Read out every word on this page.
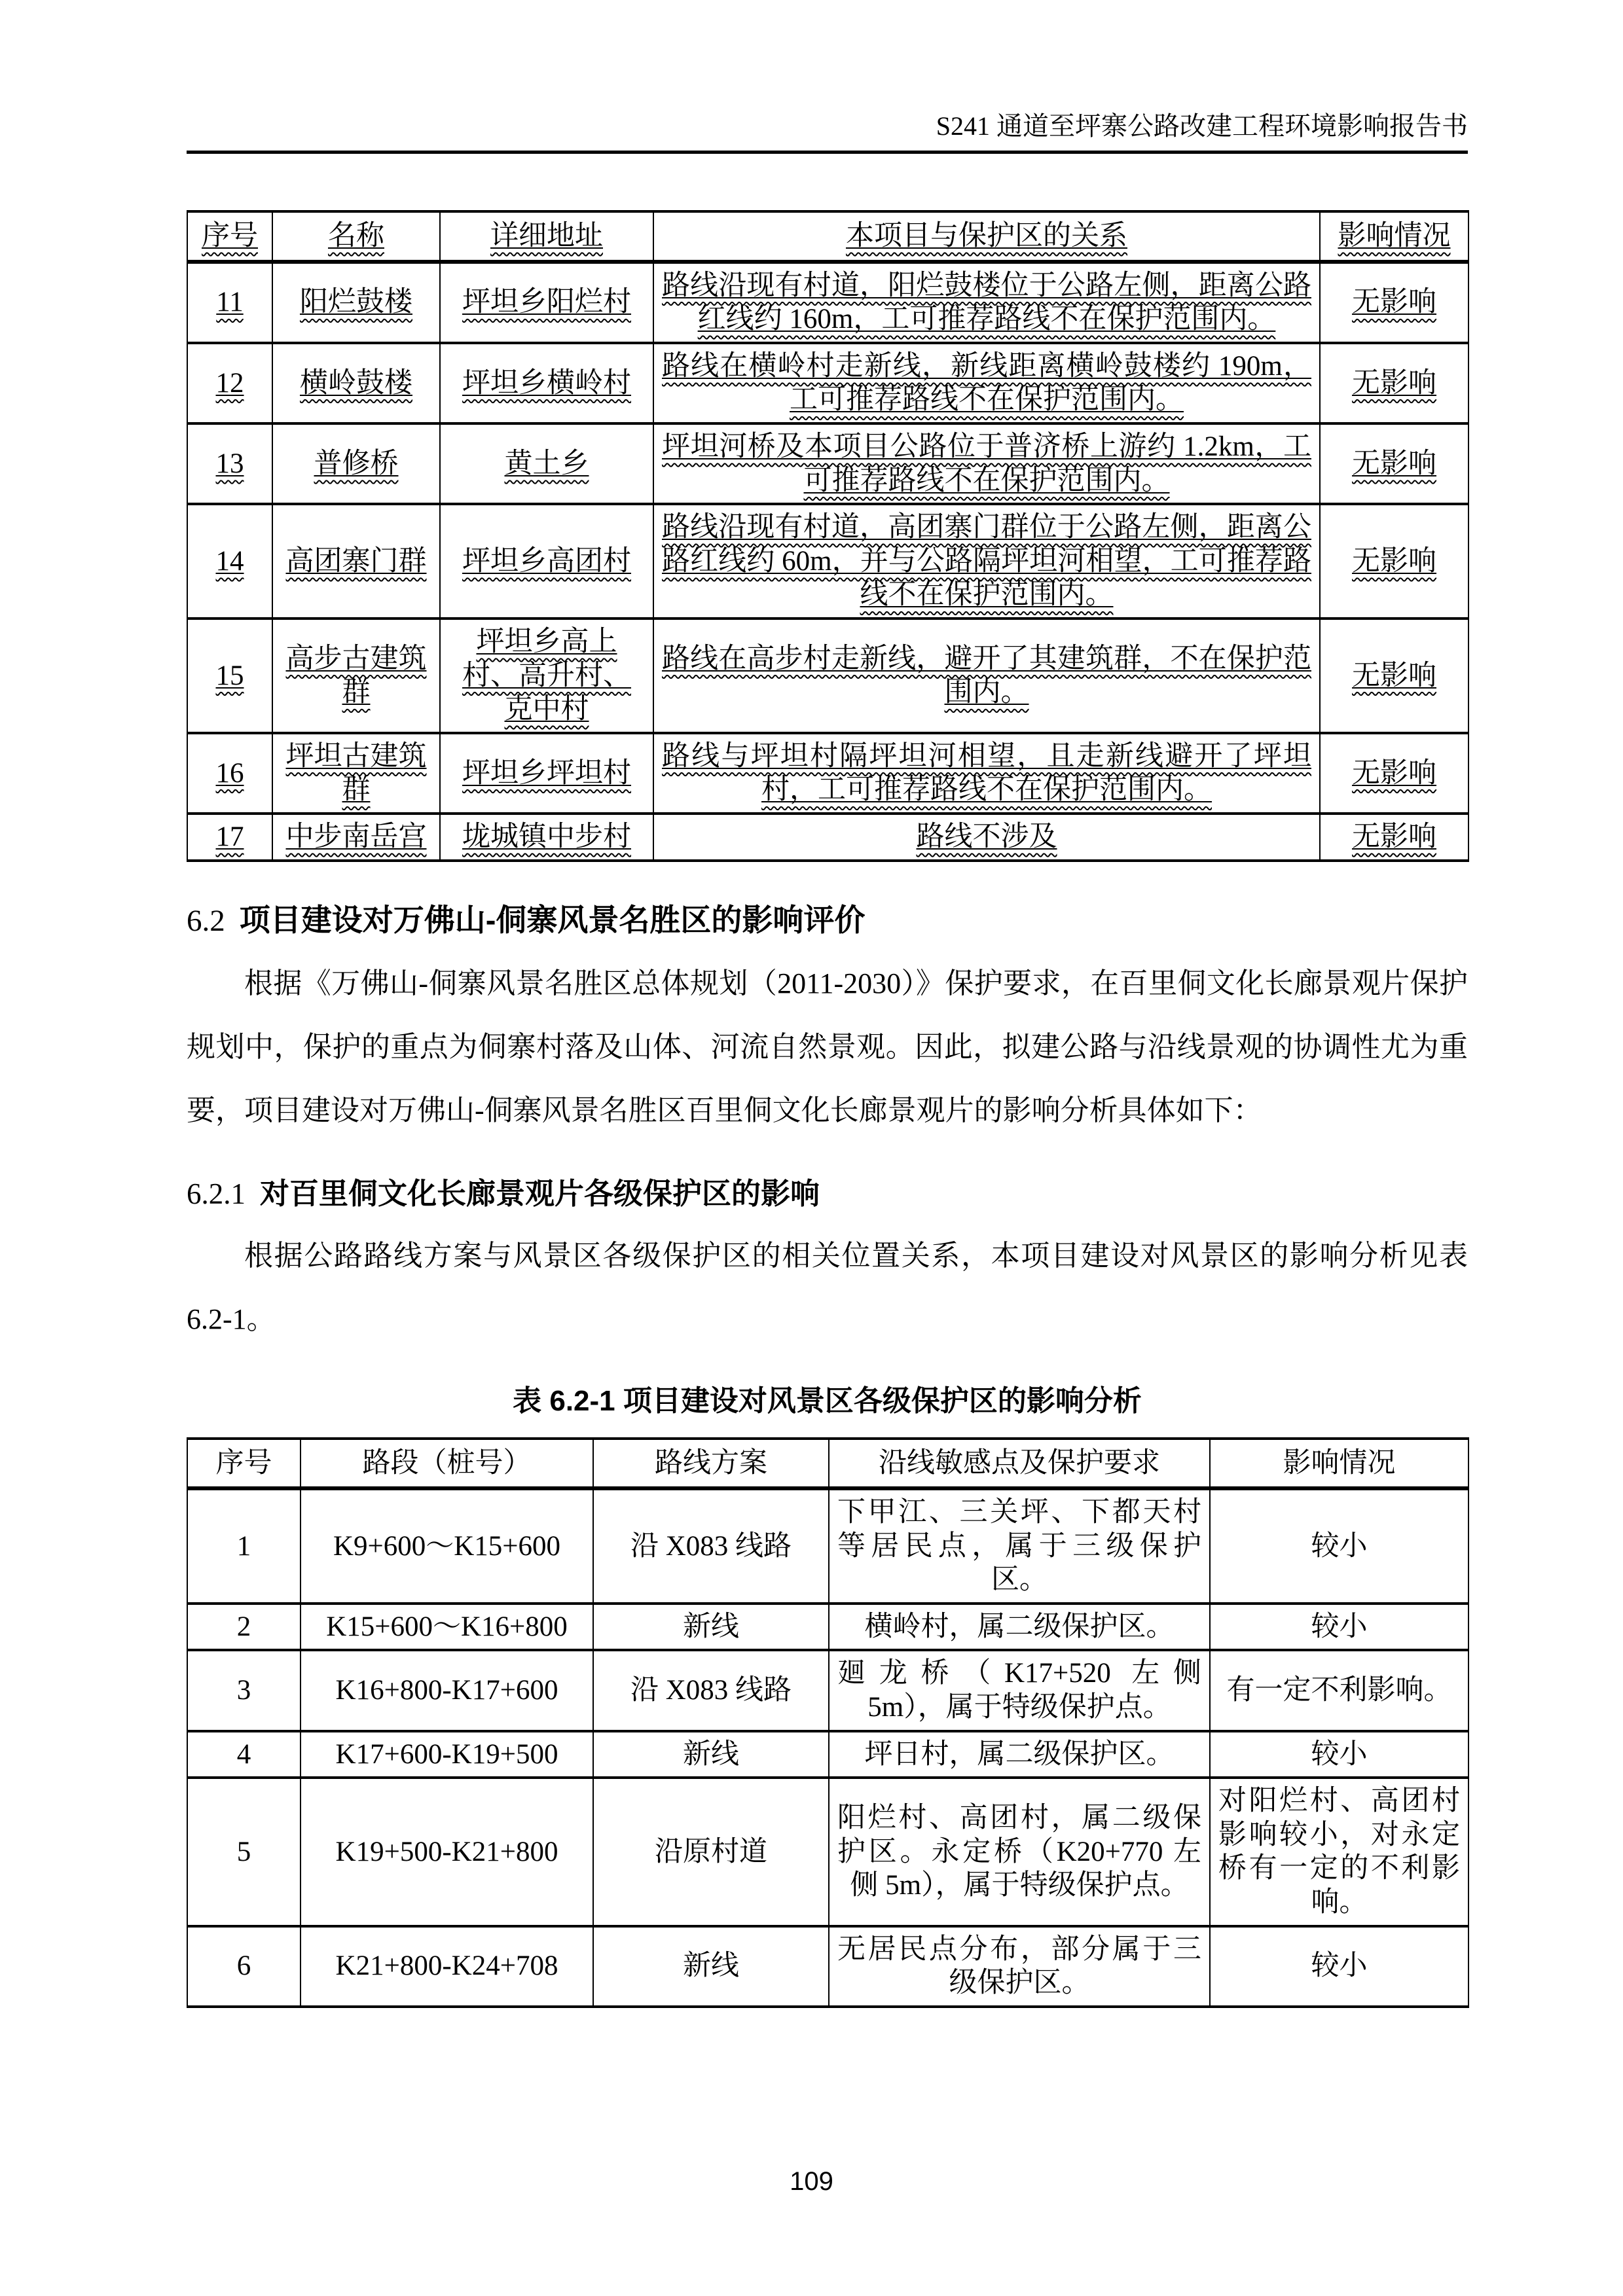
S241 通道至坪寨公路改建工程环境影响报告书
序号	名称	详细地址	本项目与保护区的关系	影响情况
11	阳烂鼓楼	坪坦乡阳烂村	路线沿现有村道，阳烂鼓楼位于公路左侧，距离公路红线约 160m，工可推荐路线不在保护范围内。	无影响
12	横岭鼓楼	坪坦乡横岭村	路线在横岭村走新线，新线距离横岭鼓楼约 190m，工可推荐路线不在保护范围内。	无影响
13	普修桥	黄土乡	坪坦河桥及本项目公路位于普济桥上游约 1.2km，工可推荐路线不在保护范围内。	无影响
14	高团寨门群	坪坦乡高团村	路线沿现有村道，高团寨门群位于公路左侧，距离公路红线约 60m，并与公路隔坪坦河相望，工可推荐路线不在保护范围内。	无影响
15	高步古建筑群	坪坦乡高上村、高升村、克中村	路线在高步村走新线，避开了其建筑群，不在保护范围内。	无影响
16	坪坦古建筑群	坪坦乡坪坦村	路线与坪坦村隔坪坦河相望，且走新线避开了坪坦村，工可推荐路线不在保护范围内。	无影响
17	中步南岳宫	垅城镇中步村	路线不涉及	无影响
6.2 项目建设对万佛山-侗寨风景名胜区的影响评价

根据《万佛山-侗寨风景名胜区总体规划（2011-2030）》保护要求，在百里侗文化长廊景观片保护规划中，保护的重点为侗寨村落及山体、河流自然景观。因此，拟建公路与沿线景观的协调性尤为重要，项目建设对万佛山-侗寨风景名胜区百里侗文化长廊景观片的影响分析具体如下：

6.2.1 对百里侗文化长廊景观片各级保护区的影响

根据公路路线方案与风景区各级保护区的相关位置关系，本项目建设对风景区的影响分析见表 6.2-1。

表 6.2-1 项目建设对风景区各级保护区的影响分析
序号	路段（桩号）	路线方案	沿线敏感点及保护要求	影响情况
1	K9+600～K15+600	沿 X083 线路	下甲江、三关坪、下都天村等居民点，属于三级保护区。	较小
2	K15+600～K16+800	新线	横岭村，属二级保护区。	较小
3	K16+800-K17+600	沿 X083 线路	廻龙桥（K17+520 左侧 5m），属于特级保护点。	有一定不利影响。
4	K17+600-K19+500	新线	坪日村，属二级保护区。	较小
5	K19+500-K21+800	沿原村道	阳烂村、高团村，属二级保护区。永定桥（K20+770 左侧 5m），属于特级保护点。	对阳烂村、高团村影响较小，对永定桥有一定的不利影响。
6	K21+800-K24+708	新线	无居民点分布，部分属于三级保护区。	较小
109
